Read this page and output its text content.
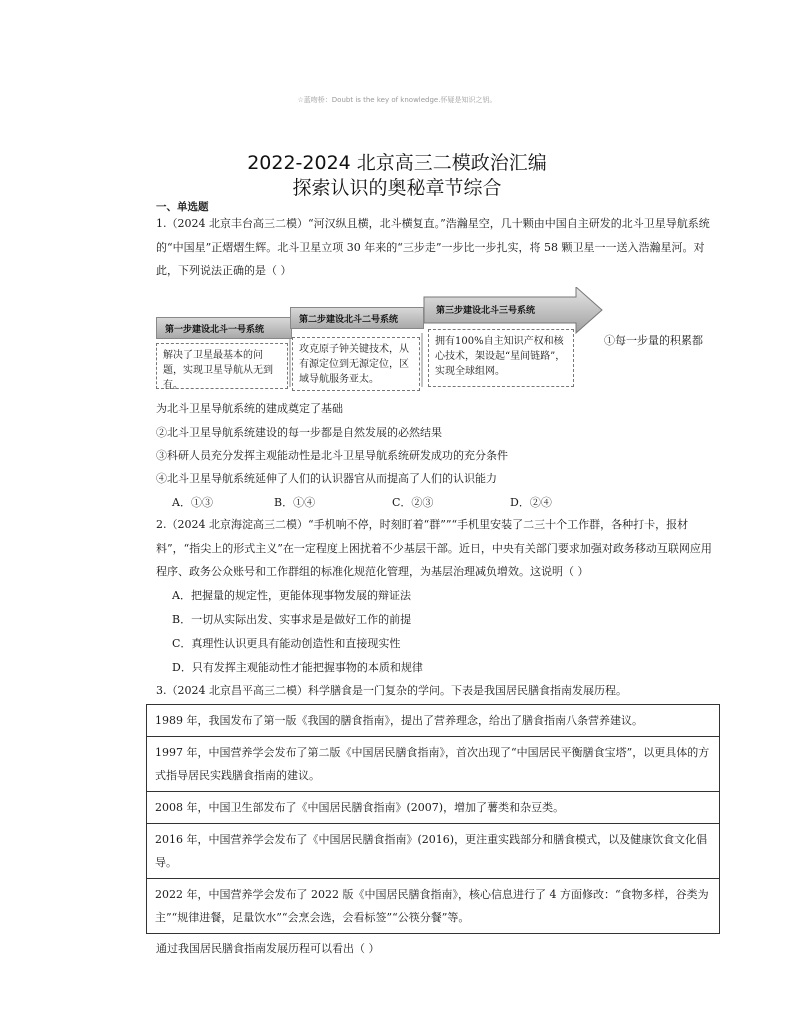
☆蓝吻桥：Doubt is the key of knowledge.怀疑是知识之钥。
2022-2024 北京高三二模政治汇编
探索认识的奥秘章节综合
一、单选题
1.（2024 北京丰台高三二模）“河汉纵且横，北斗横复直。”浩瀚星空，几十颗由中国自主研发的北斗卫星导航系统的“中国星”正熠熠生辉。北斗卫星立项 30 年来的“三步走”一步比一步扎实，将 58 颗卫星一一送入浩瀚星河。对此，下列说法正确的是（ ）
第一步建设北斗一号系统
第二步建设北斗二号系统
第三步建设北斗三号系统
解决了卫星最基本的问题，实现卫星导航从无到有。
攻克原子钟关键技术，从有源定位到无源定位，区域导航服务亚太。
拥有100%自主知识产权和核心技术，架设起“星间链路”，实现全球组网。
①每一步量的积累都
为北斗卫星导航系统的建成奠定了基础
②北斗卫星导航系统建设的每一步都是自然发展的必然结果
③科研人员充分发挥主观能动性是北斗卫星导航系统研发成功的充分条件
④北斗卫星导航系统延伸了人们的认识器官从而提高了人们的认识能力
A．①③	B．①④	C．②③	D．②④
2.（2024 北京海淀高三二模）“手机响不停，时刻盯着“群””“手机里安装了二三十个工作群，各种打卡，报材料”，“指尖上的形式主义”在一定程度上困扰着不少基层干部。近日，中央有关部门要求加强对政务移动互联网应用程序、政务公众账号和工作群组的标准化规范化管理，为基层治理减负增效。这说明（ ）
A．把握量的规定性，更能体现事物发展的辩证法
B．一切从实际出发、实事求是是做好工作的前提
C．真理性认识更具有能动创造性和直接现实性
D．只有发挥主观能动性才能把握事物的本质和规律
3.（2024 北京昌平高三二模）科学膳食是一门复杂的学问。下表是我国居民膳食指南发展历程。
1989 年，我国发布了第一版《我国的膳食指南》，提出了营养理念，给出了膳食指南八条营养建议。
1997 年，中国营养学会发布了第二版《中国居民膳食指南》，首次出现了“中国居民平衡膳食宝塔”，以更具体的方式指导居民实践膳食指南的建议。
2008 年，中国卫生部发布了《中国居民膳食指南》(2007)，增加了薯类和杂豆类。
2016 年，中国营养学会发布了《中国居民膳食指南》(2016)，更注重实践部分和膳食模式，以及健康饮食文化倡导。
2022 年，中国营养学会发布了 2022 版《中国居民膳食指南》，核心信息进行了 4 方面修改：“食物多样，谷类为主”“规律进餐，足量饮水”“会烹会选，会看标签”“公筷分餐”等。
通过我国居民膳食指南发展历程可以看出（ ）
